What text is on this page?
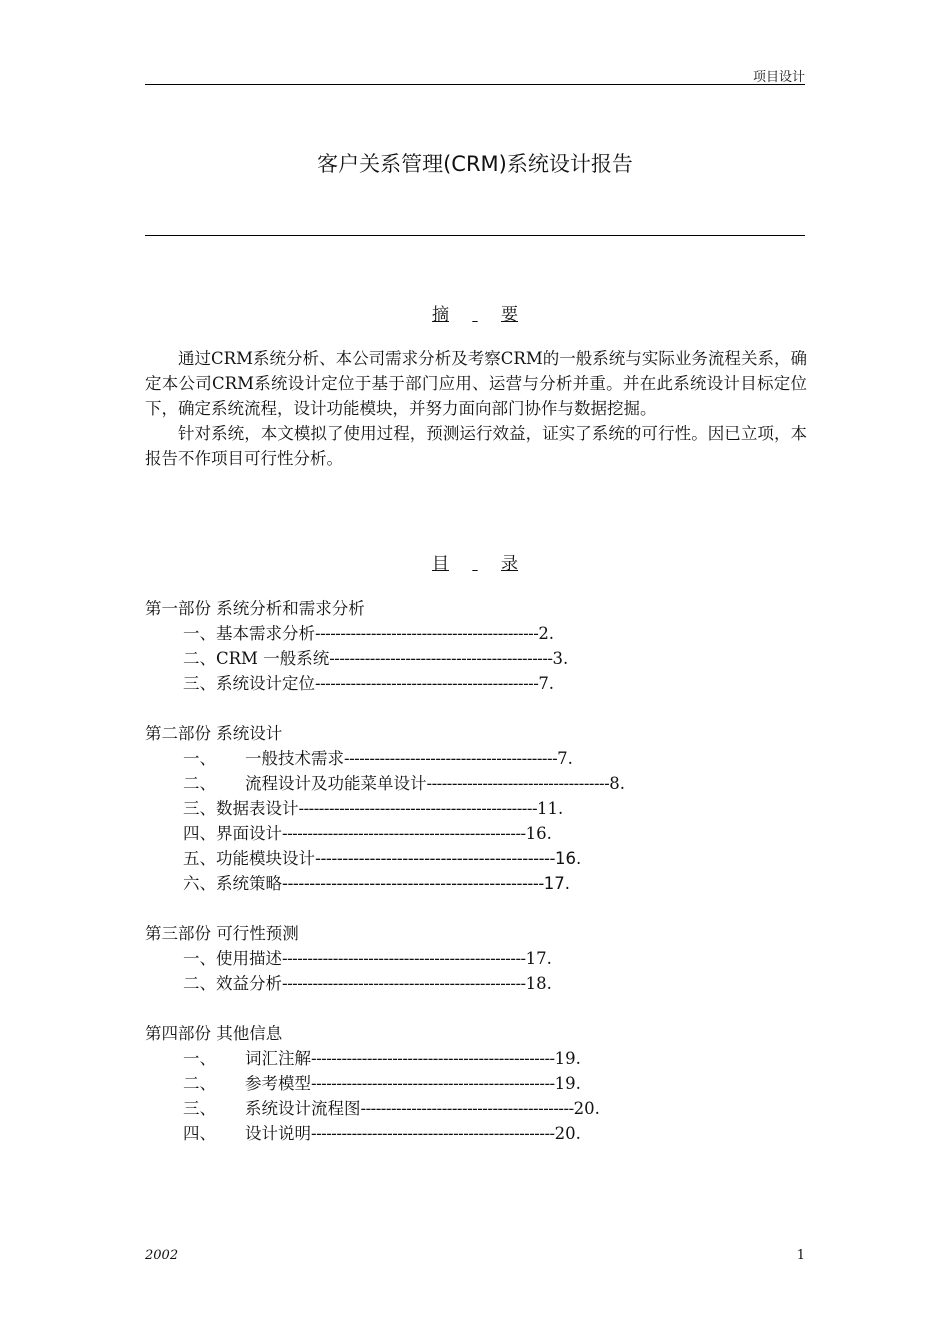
项目设计
客户关系管理(CRM)系统设计报告
摘	要

通过CRM系统分析、本公司需求分析及考察CRM的一般系统与实际业务流程关系，确定本公司CRM系统设计定位于基于部门应用、运营与分析并重。并在此系统设计目标定位下，确定系统流程，设计功能模块，并努力面向部门协作与数据挖掘。

针对系统，本文模拟了使用过程，预测运行效益，证实了系统的可行性。因已立项，本报告不作项目可行性分析。

目	录
第一部份 系统分析和需求分析
一、基本需求分析--------------------------------------------2.
二、CRM 一般系统--------------------------------------------3.
三、系统设计定位--------------------------------------------7.
第二部份 系统设计
一、 一般技术需求------------------------------------------7.
二、 流程设计及功能菜单设计------------------------------------8.
三、数据表设计-----------------------------------------------11.
四、界面设计------------------------------------------------16.
五、功能模块设计--------------------------------------------16.
六、系统策略------------------------------------------------17.
第三部份 可行性预测
一、使用描述------------------------------------------------17.
二、效益分析------------------------------------------------18.
第四部份 其他信息
一、 词汇注解------------------------------------------------19.
二、 参考模型------------------------------------------------19.
三、 系统设计流程图------------------------------------------20.
四、 设计说明------------------------------------------------20.
2002	1
